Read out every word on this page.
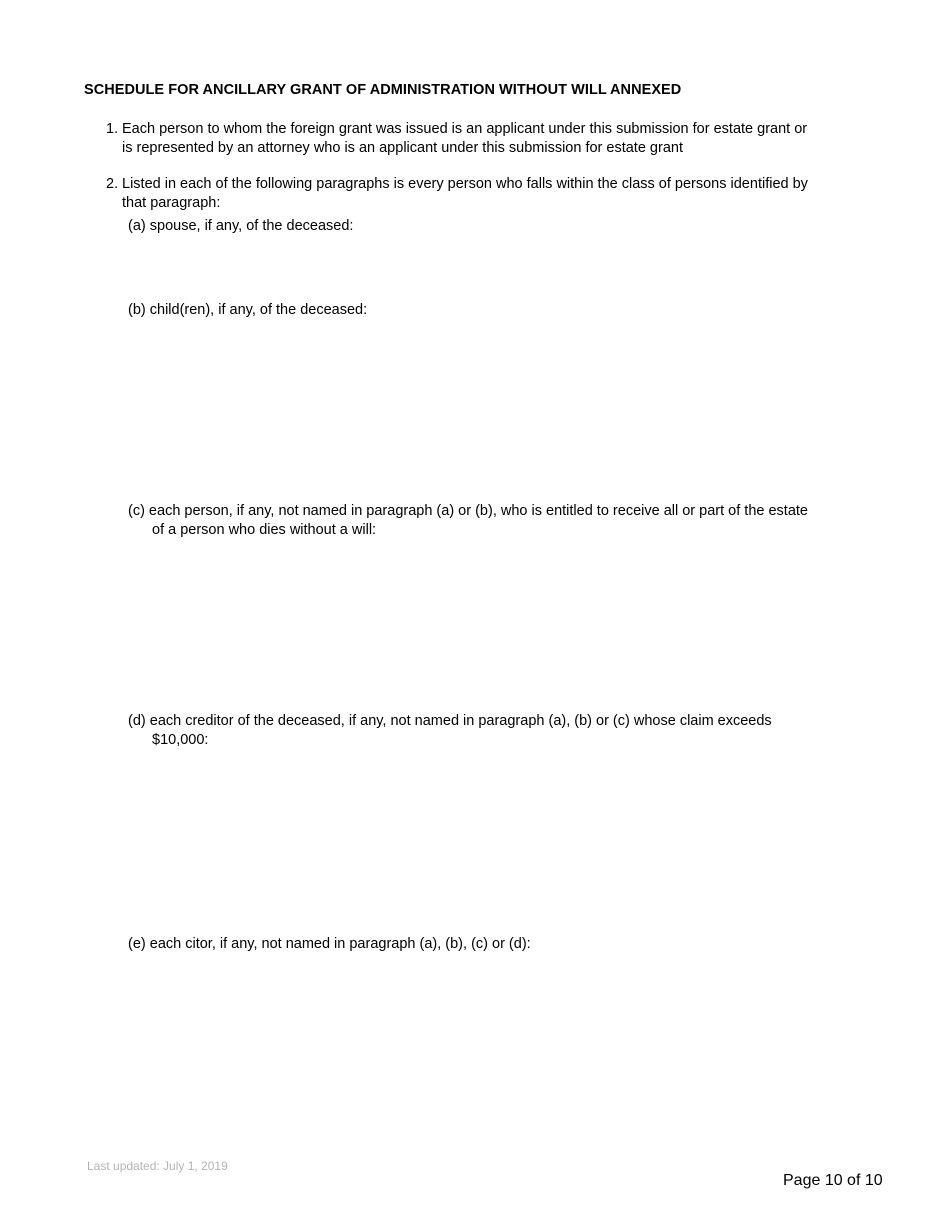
SCHEDULE FOR ANCILLARY GRANT OF ADMINISTRATION WITHOUT WILL ANNEXED
1. Each person to whom the foreign grant was issued is an applicant under this submission for estate grant or
is represented by an attorney who is an applicant under this submission for estate grant
2. Listed in each of the following paragraphs is every person who falls within the class of persons identified by
that paragraph:
(a) spouse, if any, of the deceased:
(b) child(ren), if any, of the deceased:
(c) each person, if any, not named in paragraph (a) or (b), who is entitled to receive all or part of the estate
of a person who dies without a will:
(d) each creditor of the deceased, if any, not named in paragraph (a), (b) or (c) whose claim exceeds
$10,000:
(e) each citor, if any, not named in paragraph (a), (b), (c) or (d):
Last updated: July 1, 2019
Page 10 of 10
